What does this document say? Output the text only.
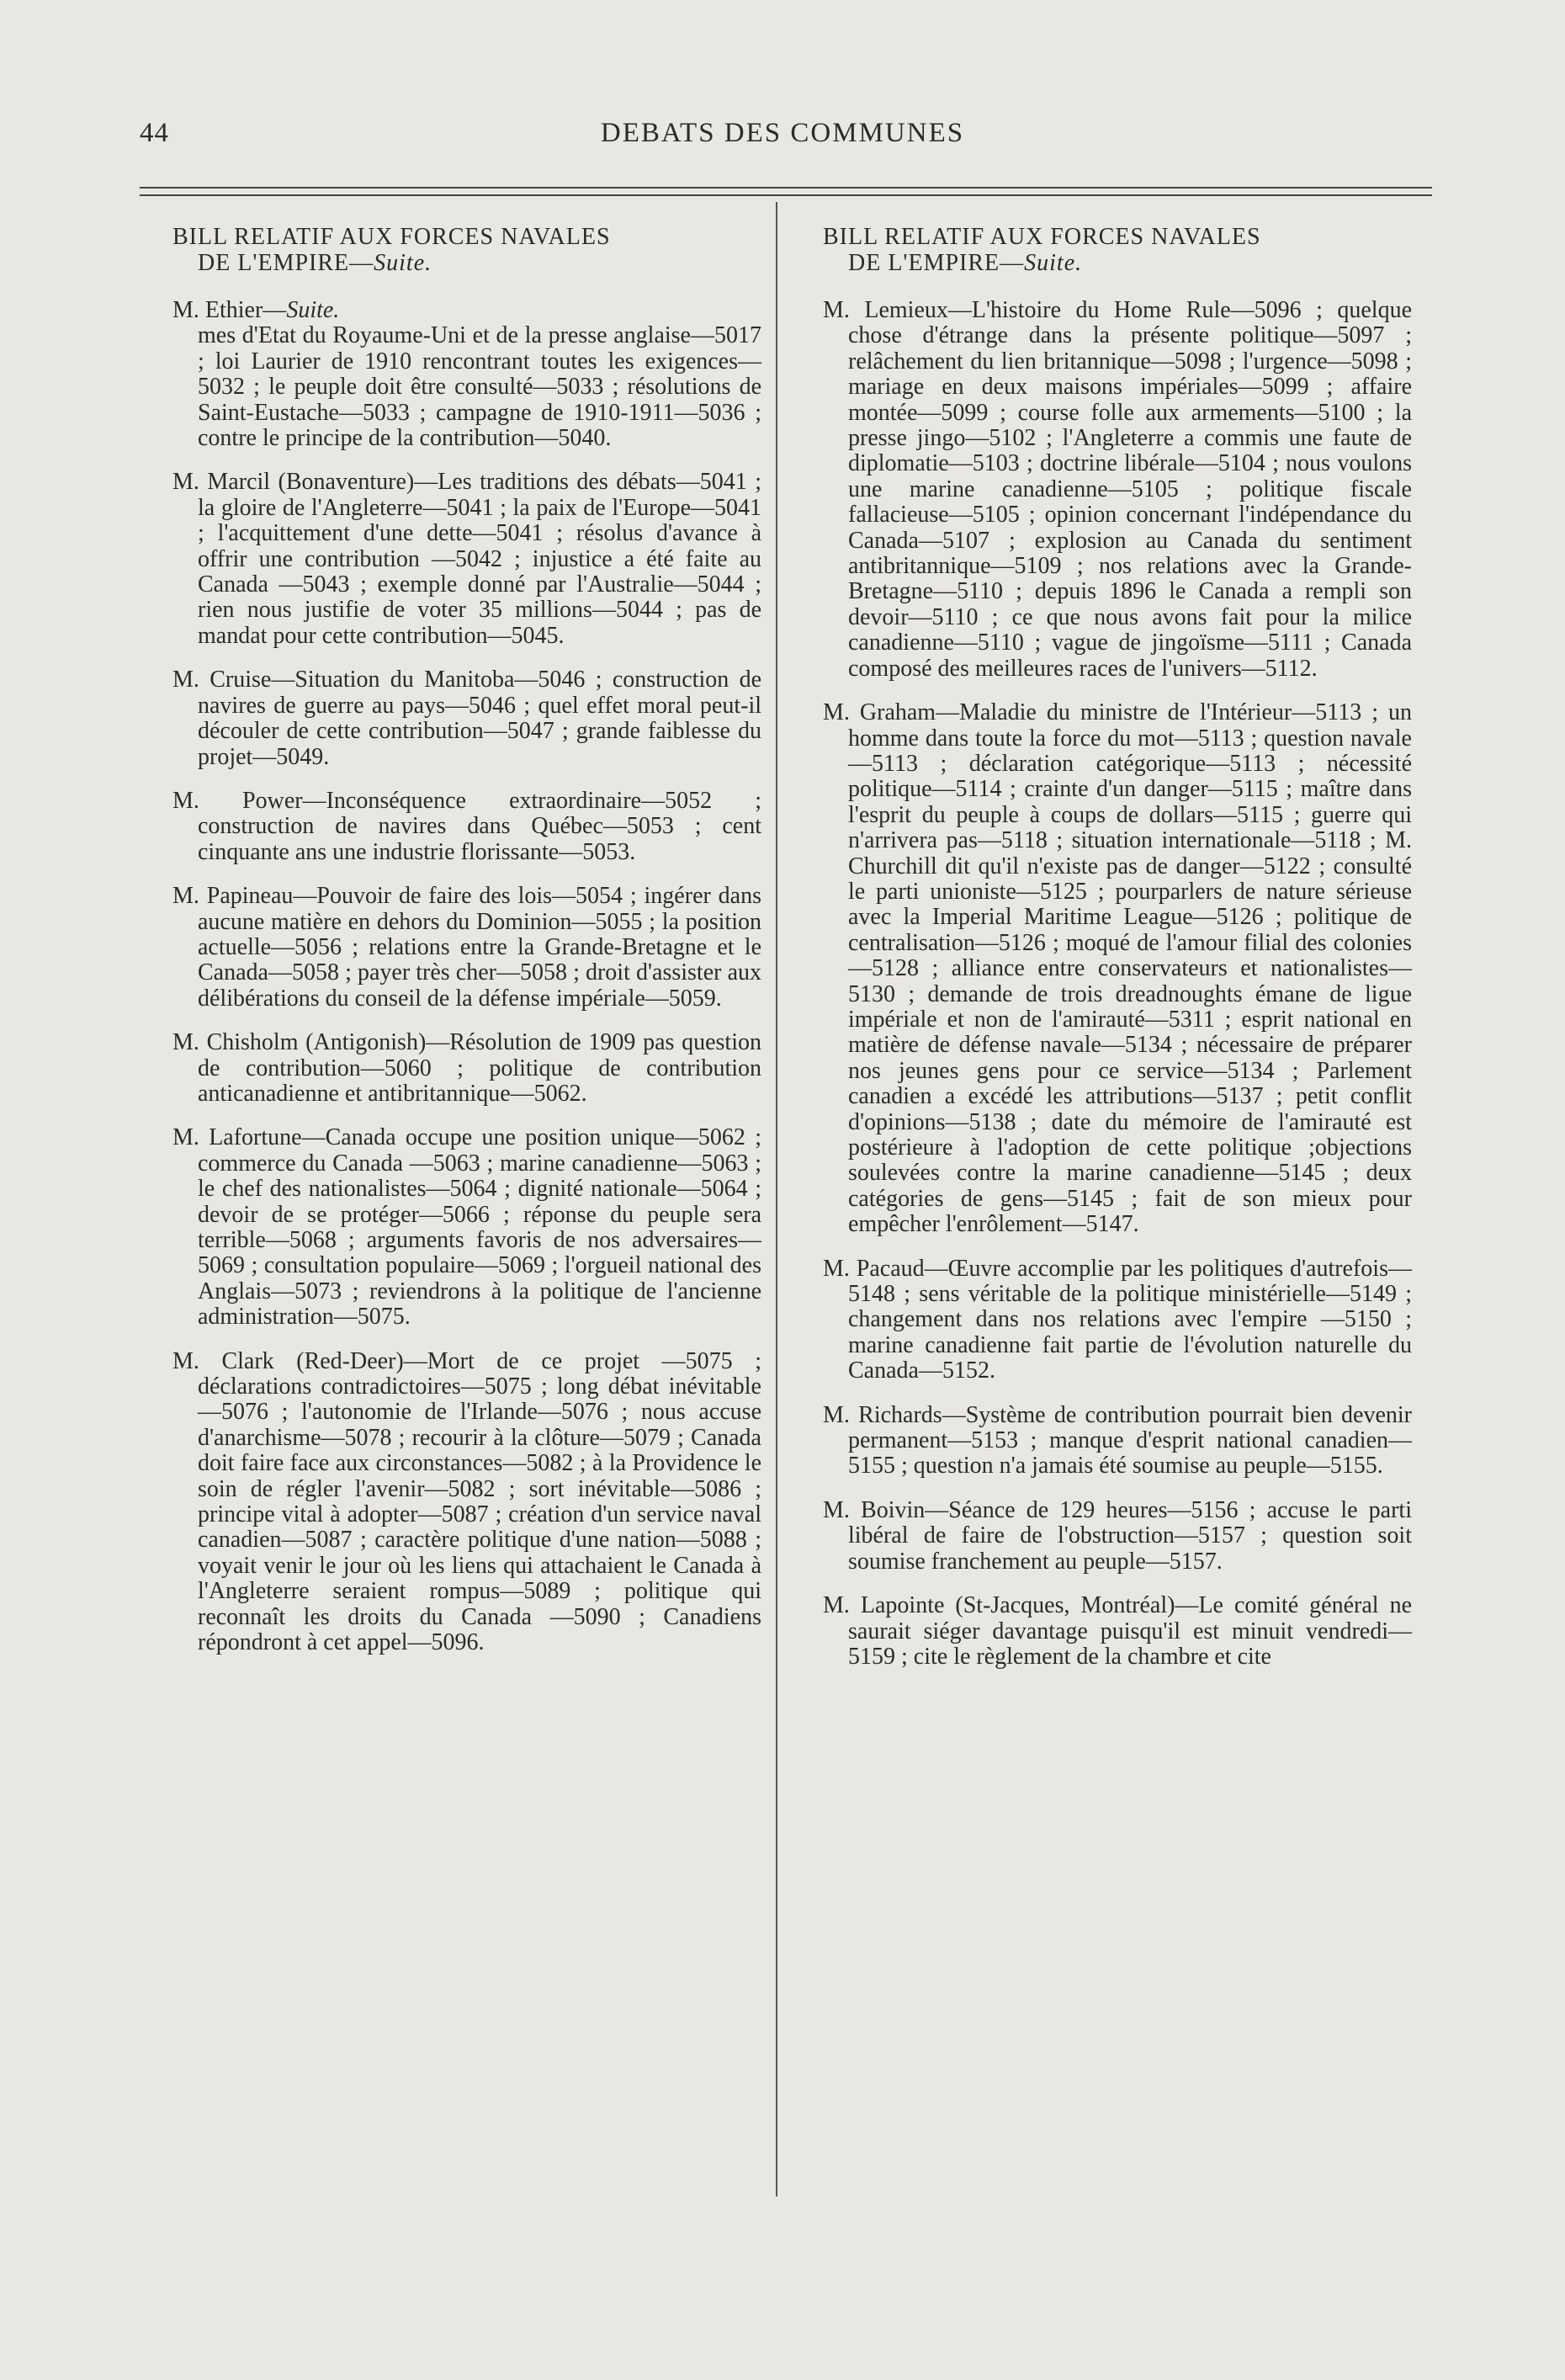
44	DEBATS DES COMMUNES
BILL RELATIF AUX FORCES NAVALES
DE L'EMPIRE—Suite.
M. Ethier—Suite.
mes d'Etat du Royaume-Uni et de la presse anglaise—5017 ; loi Laurier de 1910 rencontrant toutes les exigences—5032 ; le peuple doit être consulté—5033 ; résolutions de Saint-Eustache—5033 ; campagne de 1910-1911—5036 ; contre le principe de la contribution—5040.
M. Marcil (Bonaventure)—Les traditions des débats—5041 ; la gloire de l'Angleterre—5041 ; la paix de l'Europe—5041 ; l'acquittement d'une dette—5041 ; résolus d'avance à offrir une contribution —5042 ; injustice a été faite au Canada —5043 ; exemple donné par l'Australie—5044 ; rien nous justifie de voter 35 millions—5044 ; pas de mandat pour cette contribution—5045.
M. Cruise—Situation du Manitoba—5046 ; construction de navires de guerre au pays—5046 ; quel effet moral peut-il découler de cette contribution—5047 ; grande faiblesse du projet—5049.
M. Power—Inconséquence extraordinaire—5052 ; construction de navires dans Québec—5053 ; cent cinquante ans une industrie florissante—5053.
M. Papineau—Pouvoir de faire des lois—5054 ; ingérer dans aucune matière en dehors du Dominion—5055 ; la position actuelle—5056 ; relations entre la Grande-Bretagne et le Canada—5058 ; payer très cher—5058 ; droit d'assister aux délibérations du conseil de la défense impériale—5059.
M. Chisholm (Antigonish)—Résolution de 1909 pas question de contribution—5060 ; politique de contribution anticanadienne et antibritannique—5062.
M. Lafortune—Canada occupe une position unique—5062 ; commerce du Canada —5063 ; marine canadienne—5063 ; le chef des nationalistes—5064 ; dignité nationale—5064 ; devoir de se protéger—5066 ; réponse du peuple sera terrible—5068 ; arguments favoris de nos adversaires—5069 ; consultation populaire—5069 ; l'orgueil national des Anglais—5073 ; reviendrons à la politique de l'ancienne administration—5075.
M. Clark (Red-Deer)—Mort de ce projet —5075 ; déclarations contradictoires—5075 ; long débat inévitable—5076 ; l'autonomie de l'Irlande—5076 ; nous accuse d'anarchisme—5078 ; recourir à la clôture—5079 ; Canada doit faire face aux circonstances—5082 ; à la Providence le soin de régler l'avenir—5082 ; sort inévitable—5086 ; principe vital à adopter—5087 ; création d'un service naval canadien—5087 ; caractère politique d'une nation—5088 ; voyait venir le jour où les liens qui attachaient le Canada à l'Angleterre seraient rompus—5089 ; politique qui reconnaît les droits du Canada —5090 ; Canadiens répondront à cet appel—5096.
BILL RELATIF AUX FORCES NAVALES
DE L'EMPIRE—Suite.
M. Lemieux—L'histoire du Home Rule—5096 ; quelque chose d'étrange dans la présente politique—5097 ; relâchement du lien britannique—5098 ; l'urgence—5098 ; mariage en deux maisons impériales—5099 ; affaire montée—5099 ; course folle aux armements—5100 ; la presse jingo—5102 ; l'Angleterre a commis une faute de diplomatie—5103 ; doctrine libérale—5104 ; nous voulons une marine canadienne—5105 ; politique fiscale fallacieuse—5105 ; opinion concernant l'indépendance du Canada—5107 ; explosion au Canada du sentiment antibritannique—5109 ; nos relations avec la Grande-Bretagne—5110 ; depuis 1896 le Canada a rempli son devoir—5110 ; ce que nous avons fait pour la milice canadienne—5110 ; vague de jingoïsme—5111 ; Canada composé des meilleures races de l'univers—5112.
M. Graham—Maladie du ministre de l'Intérieur—5113 ; un homme dans toute la force du mot—5113 ; question navale—5113 ; déclaration catégorique—5113 ; nécessité politique—5114 ; crainte d'un danger—5115 ; maître dans l'esprit du peuple à coups de dollars—5115 ; guerre qui n'arrivera pas—5118 ; situation internationale—5118 ; M. Churchill dit qu'il n'existe pas de danger—5122 ; consulté le parti unioniste—5125 ; pourparlers de nature sérieuse avec la Imperial Maritime League—5126 ; politique de centralisation—5126 ; moqué de l'amour filial des colonies—5128 ; alliance entre conservateurs et nationalistes—5130 ; demande de trois dreadnoughts émane de ligue impériale et non de l'amirauté—5311 ; esprit national en matière de défense navale—5134 ; nécessaire de préparer nos jeunes gens pour ce service—5134 ; Parlement canadien a excédé les attributions—5137 ; petit conflit d'opinions—5138 ; date du mémoire de l'amirauté est postérieure à l'adoption de cette politique ;objections soulevées contre la marine canadienne—5145 ; deux catégories de gens—5145 ; fait de son mieux pour empêcher l'enrôlement—5147.
M. Pacaud—Œuvre accomplie par les politiques d'autrefois—5148 ; sens véritable de la politique ministérielle—5149 ; changement dans nos relations avec l'empire —5150 ; marine canadienne fait partie de l'évolution naturelle du Canada—5152.
M. Richards—Système de contribution pourrait bien devenir permanent—5153 ; manque d'esprit national canadien—5155 ; question n'a jamais été soumise au peuple—5155.
M. Boivin—Séance de 129 heures—5156 ; accuse le parti libéral de faire de l'obstruction—5157 ; question soit soumise franchement au peuple—5157.
M. Lapointe (St-Jacques, Montréal)—Le comité général ne saurait siéger davantage puisqu'il est minuit vendredi—5159 ; cite le règlement de la chambre et cite
